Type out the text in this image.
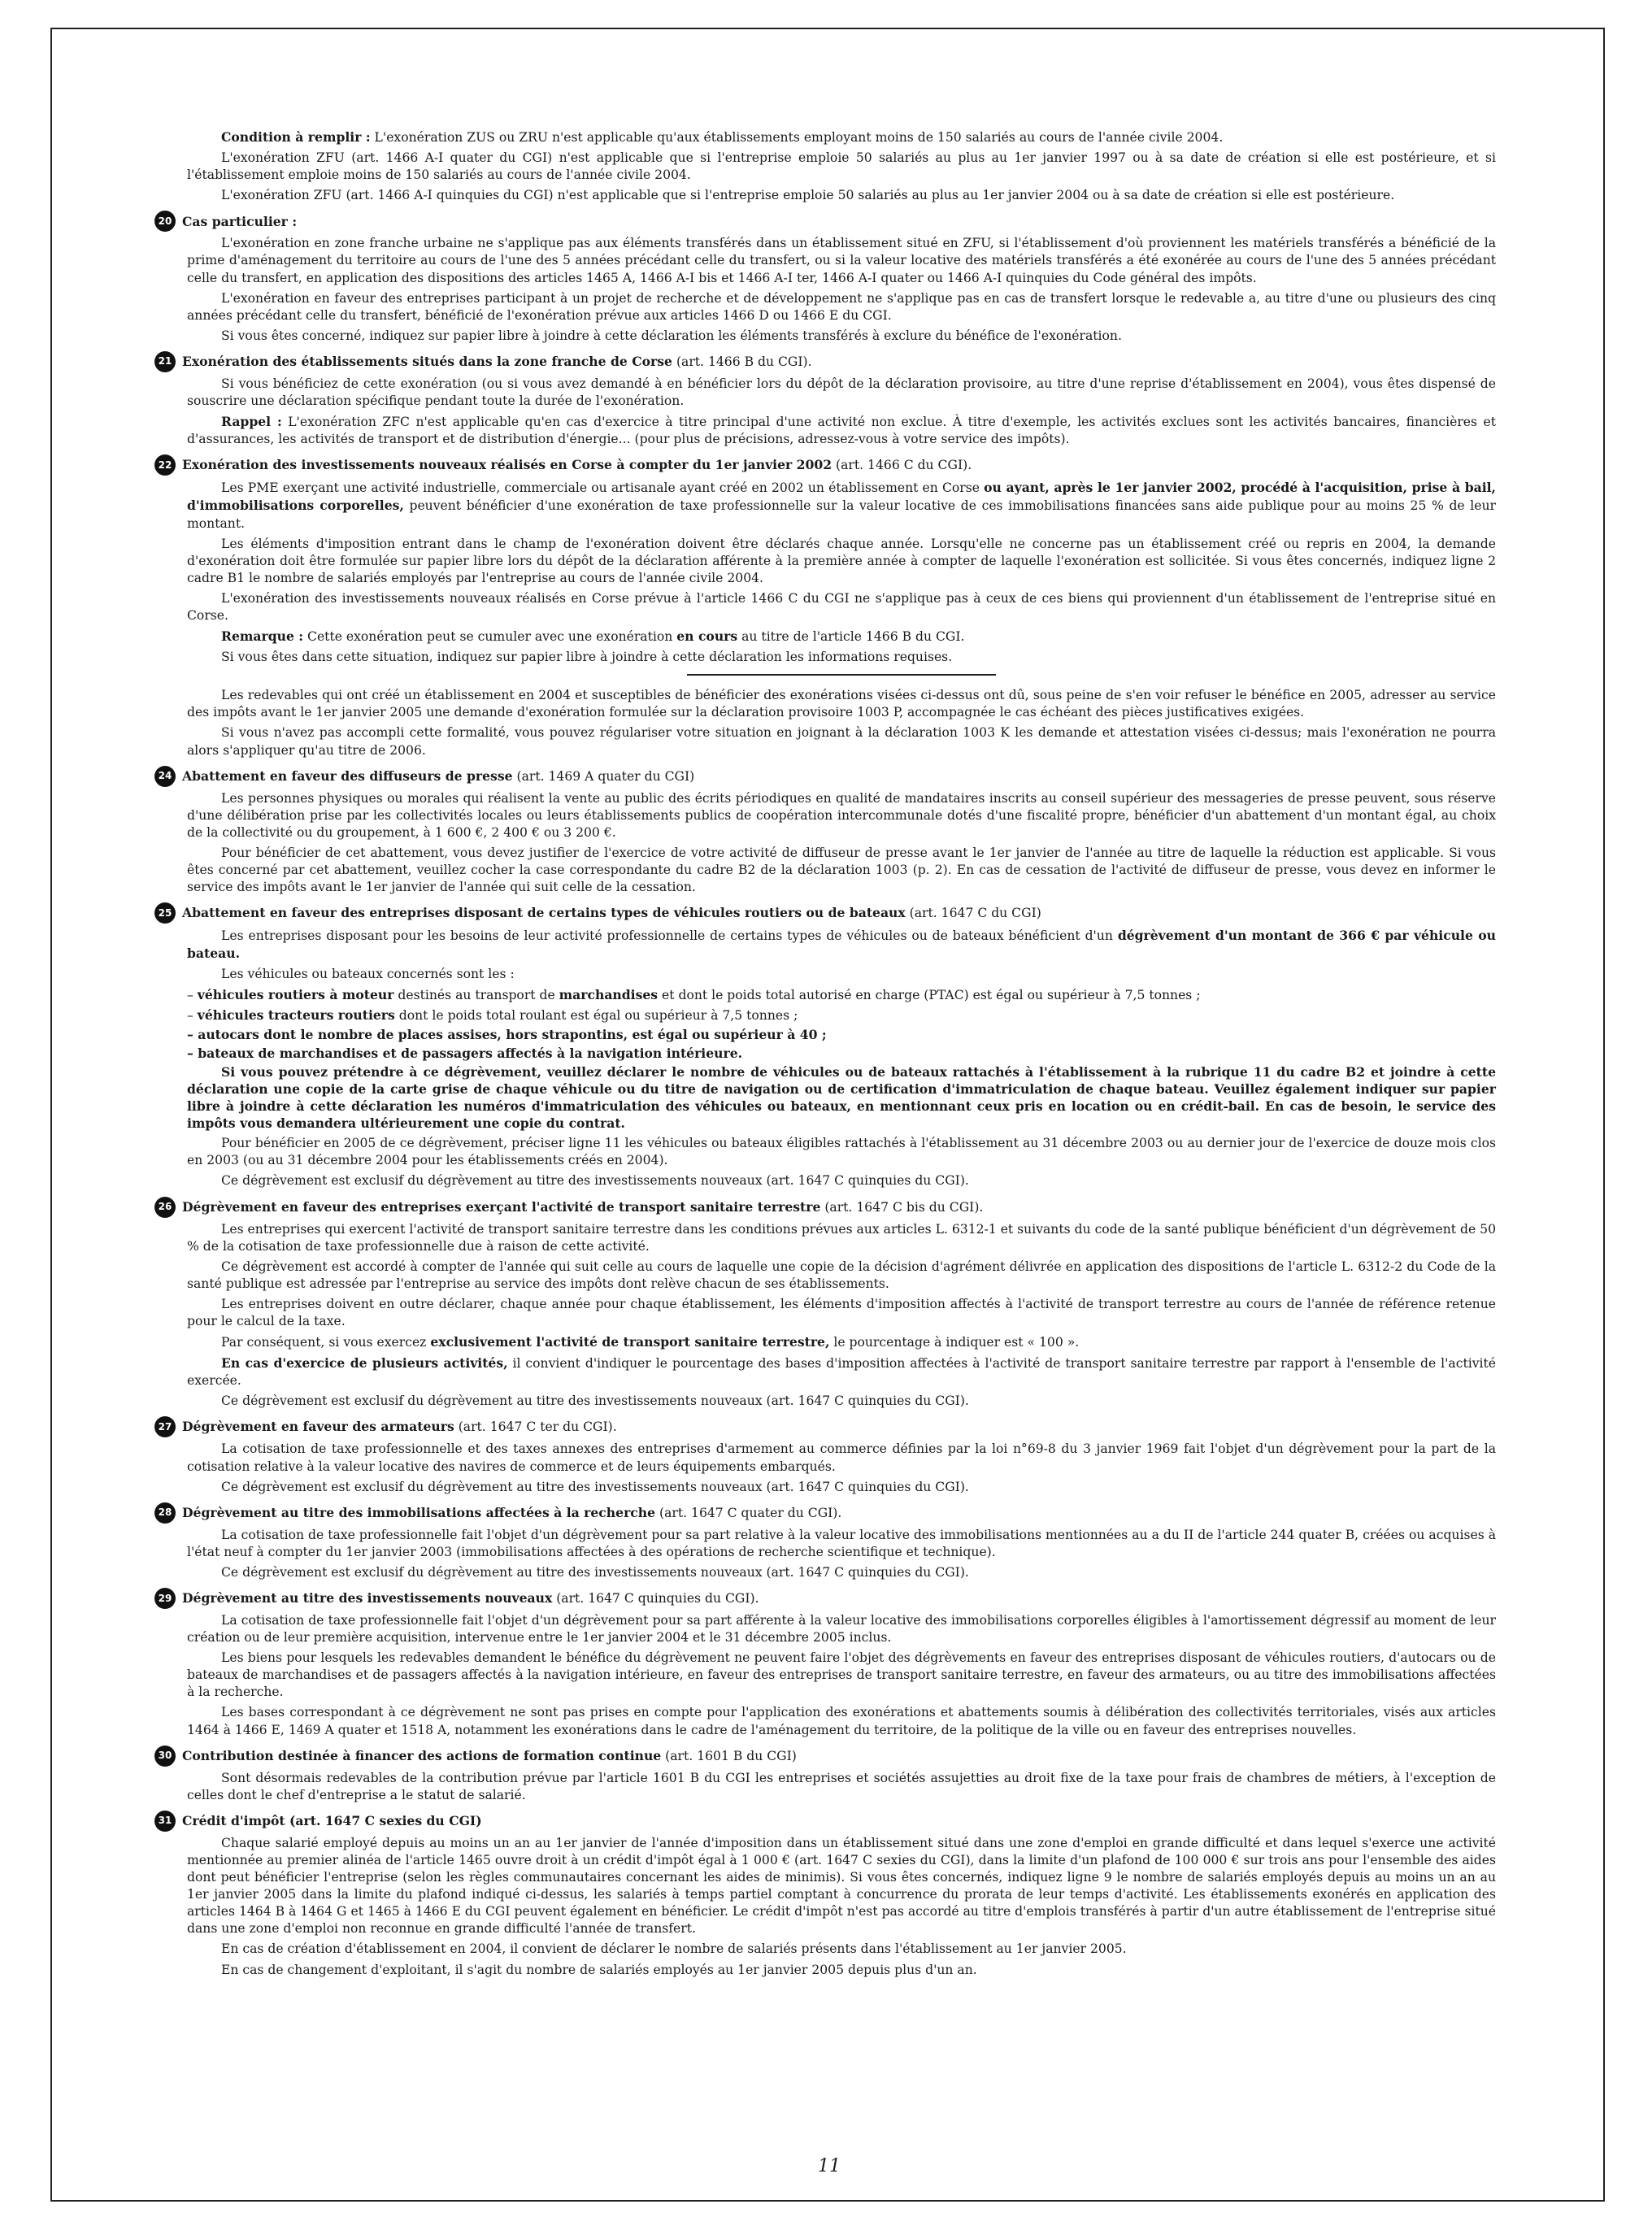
Condition à remplir : L'exonération ZUS ou ZRU n'est applicable qu'aux établissements employant moins de 150 salariés au cours de l'année civile 2004.

L'exonération ZFU (art. 1466 A-I quater du CGI) n'est applicable que si l'entreprise emploie 50 salariés au plus au 1er janvier 1997 ou à sa date de création si elle est postérieure, et si l'établissement emploie moins de 150 salariés au cours de l'année civile 2004.

L'exonération ZFU (art. 1466 A-I quinquies du CGI) n'est applicable que si l'entreprise emploie 50 salariés au plus au 1er janvier 2004 ou à sa date de création si elle est postérieure.

20 Cas particulier :

L'exonération en zone franche urbaine ne s'applique pas aux éléments transférés dans un établissement situé en ZFU, si l'établissement d'où proviennent les matériels transférés a bénéficié de la prime d'aménagement du territoire au cours de l'une des 5 années précédant celle du transfert, ou si la valeur locative des matériels transférés a été exonérée au cours de l'une des 5 années précédant celle du transfert, en application des dispositions des articles 1465 A, 1466 A-I bis et 1466 A-I ter, 1466 A-I quater ou 1466 A-I quinquies du Code général des impôts.

L'exonération en faveur des entreprises participant à un projet de recherche et de développement ne s'applique pas en cas de transfert lorsque le redevable a, au titre d'une ou plusieurs des cinq années précédant celle du transfert, bénéficié de l'exonération prévue aux articles 1466 D ou 1466 E du CGI.

Si vous êtes concerné, indiquez sur papier libre à joindre à cette déclaration les éléments transférés à exclure du bénéfice de l'exonération.

21 Exonération des établissements situés dans la zone franche de Corse (art. 1466 B du CGI).

Si vous bénéficiez de cette exonération (ou si vous avez demandé à en bénéficier lors du dépôt de la déclaration provisoire, au titre d'une reprise d'établissement en 2004), vous êtes dispensé de souscrire une déclaration spécifique pendant toute la durée de l'exonération.

Rappel : L'exonération ZFC n'est applicable qu'en cas d'exercice à titre principal d'une activité non exclue. À titre d'exemple, les activités exclues sont les activités bancaires, financières et d'assurances, les activités de transport et de distribution d'énergie... (pour plus de précisions, adressez-vous à votre service des impôts).

22 Exonération des investissements nouveaux réalisés en Corse à compter du 1er janvier 2002 (art. 1466 C du CGI).

Les PME exerçant une activité industrielle, commerciale ou artisanale ayant créé en 2002 un établissement en Corse ou ayant, après le 1er janvier 2002, procédé à l'acquisition, prise à bail, d'immobilisations corporelles, peuvent bénéficier d'une exonération de taxe professionnelle sur la valeur locative de ces immobilisations financées sans aide publique pour au moins 25 % de leur montant.

Les éléments d'imposition entrant dans le champ de l'exonération doivent être déclarés chaque année. Lorsqu'elle ne concerne pas un établissement créé ou repris en 2004, la demande d'exonération doit être formulée sur papier libre lors du dépôt de la déclaration afférente à la première année à compter de laquelle l'exonération est sollicitée. Si vous êtes concernés, indiquez ligne 2 cadre B1 le nombre de salariés employés par l'entreprise au cours de l'année civile 2004.

L'exonération des investissements nouveaux réalisés en Corse prévue à l'article 1466 C du CGI ne s'applique pas à ceux de ces biens qui proviennent d'un établissement de l'entreprise situé en Corse.

Remarque : Cette exonération peut se cumuler avec une exonération en cours au titre de l'article 1466 B du CGI.

Si vous êtes dans cette situation, indiquez sur papier libre à joindre à cette déclaration les informations requises.

Les redevables qui ont créé un établissement en 2004 et susceptibles de bénéficier des exonérations visées ci-dessus ont dû, sous peine de s'en voir refuser le bénéfice en 2005, adresser au service des impôts avant le 1er janvier 2005 une demande d'exonération formulée sur la déclaration provisoire 1003 P, accompagnée le cas échéant des pièces justificatives exigées.

Si vous n'avez pas accompli cette formalité, vous pouvez régulariser votre situation en joignant à la déclaration 1003 K les demande et attestation visées ci-dessus; mais l'exonération ne pourra alors s'appliquer qu'au titre de 2006.

24 Abattement en faveur des diffuseurs de presse (art. 1469 A quater du CGI)

Les personnes physiques ou morales qui réalisent la vente au public des écrits périodiques en qualité de mandataires inscrits au conseil supérieur des messageries de presse peuvent, sous réserve d'une délibération prise par les collectivités locales ou leurs établissements publics de coopération intercommunale dotés d'une fiscalité propre, bénéficier d'un abattement d'un montant égal, au choix de la collectivité ou du groupement, à 1 600 €, 2 400 € ou 3 200 €.

Pour bénéficier de cet abattement, vous devez justifier de l'exercice de votre activité de diffuseur de presse avant le 1er janvier de l'année au titre de laquelle la réduction est applicable. Si vous êtes concerné par cet abattement, veuillez cocher la case correspondante du cadre B2 de la déclaration 1003 (p. 2). En cas de cessation de l'activité de diffuseur de presse, vous devez en informer le service des impôts avant le 1er janvier de l'année qui suit celle de la cessation.

25 Abattement en faveur des entreprises disposant de certains types de véhicules routiers ou de bateaux (art. 1647 C du CGI)

Les entreprises disposant pour les besoins de leur activité professionnelle de certains types de véhicules ou de bateaux bénéficient d'un dégrèvement d'un montant de 366 € par véhicule ou bateau.

Les véhicules ou bateaux concernés sont les :

– véhicules routiers à moteur destinés au transport de marchandises et dont le poids total autorisé en charge (PTAC) est égal ou supérieur à 7,5 tonnes ;
– véhicules tracteurs routiers dont le poids total roulant est égal ou supérieur à 7,5 tonnes ;
– autocars dont le nombre de places assises, hors strapontins, est égal ou supérieur à 40 ;
– bateaux de marchandises et de passagers affectés à la navigation intérieure.

Si vous pouvez prétendre à ce dégrèvement, veuillez déclarer le nombre de véhicules ou de bateaux rattachés à l'établissement à la rubrique 11 du cadre B2 et joindre à cette déclaration une copie de la carte grise de chaque véhicule ou du titre de navigation ou de certification d'immatriculation de chaque bateau. Veuillez également indiquer sur papier libre à joindre à cette déclaration les numéros d'immatriculation des véhicules ou bateaux, en mentionnant ceux pris en location ou en crédit-bail. En cas de besoin, le service des impôts vous demandera ultérieurement une copie du contrat.

Pour bénéficier en 2005 de ce dégrèvement, préciser ligne 11 les véhicules ou bateaux éligibles rattachés à l'établissement au 31 décembre 2003 ou au dernier jour de l'exercice de douze mois clos en 2003 (ou au 31 décembre 2004 pour les établissements créés en 2004).

Ce dégrèvement est exclusif du dégrèvement au titre des investissements nouveaux (art. 1647 C quinquies du CGI).

26 Dégrèvement en faveur des entreprises exerçant l'activité de transport sanitaire terrestre (art. 1647 C bis du CGI).

Les entreprises qui exercent l'activité de transport sanitaire terrestre dans les conditions prévues aux articles L. 6312-1 et suivants du code de la santé publique bénéficient d'un dégrèvement de 50 % de la cotisation de taxe professionnelle due à raison de cette activité.

Ce dégrèvement est accordé à compter de l'année qui suit celle au cours de laquelle une copie de la décision d'agrément délivrée en application des dispositions de l'article L. 6312-2 du Code de la santé publique est adressée par l'entreprise au service des impôts dont relève chacun de ses établissements.

Les entreprises doivent en outre déclarer, chaque année pour chaque établissement, les éléments d'imposition affectés à l'activité de transport terrestre au cours de l'année de référence retenue pour le calcul de la taxe.

Par conséquent, si vous exercez exclusivement l'activité de transport sanitaire terrestre, le pourcentage à indiquer est « 100 ».

En cas d'exercice de plusieurs activités, il convient d'indiquer le pourcentage des bases d'imposition affectées à l'activité de transport sanitaire terrestre par rapport à l'ensemble de l'activité exercée.

Ce dégrèvement est exclusif du dégrèvement au titre des investissements nouveaux (art. 1647 C quinquies du CGI).

27 Dégrèvement en faveur des armateurs (art. 1647 C ter du CGI).

La cotisation de taxe professionnelle et des taxes annexes des entreprises d'armement au commerce définies par la loi n°69-8 du 3 janvier 1969 fait l'objet d'un dégrèvement pour la part de la cotisation relative à la valeur locative des navires de commerce et de leurs équipements embarqués.

Ce dégrèvement est exclusif du dégrèvement au titre des investissements nouveaux (art. 1647 C quinquies du CGI).

28 Dégrèvement au titre des immobilisations affectées à la recherche (art. 1647 C quater du CGI).

La cotisation de taxe professionnelle fait l'objet d'un dégrèvement pour sa part relative à la valeur locative des immobilisations mentionnées au a du II de l'article 244 quater B, créées ou acquises à l'état neuf à compter du 1er janvier 2003 (immobilisations affectées à des opérations de recherche scientifique et technique).

Ce dégrèvement est exclusif du dégrèvement au titre des investissements nouveaux (art. 1647 C quinquies du CGI).

29 Dégrèvement au titre des investissements nouveaux (art. 1647 C quinquies du CGI).

La cotisation de taxe professionnelle fait l'objet d'un dégrèvement pour sa part afférente à la valeur locative des immobilisations corporelles éligibles à l'amortissement dégressif au moment de leur création ou de leur première acquisition, intervenue entre le 1er janvier 2004 et le 31 décembre 2005 inclus.

Les biens pour lesquels les redevables demandent le bénéfice du dégrèvement ne peuvent faire l'objet des dégrèvements en faveur des entreprises disposant de véhicules routiers, d'autocars ou de bateaux de marchandises et de passagers affectés à la navigation intérieure, en faveur des entreprises de transport sanitaire terrestre, en faveur des armateurs, ou au titre des immobilisations affectées à la recherche.

Les bases correspondant à ce dégrèvement ne sont pas prises en compte pour l'application des exonérations et abattements soumis à délibération des collectivités territoriales, visés aux articles 1464 à 1466 E, 1469 A quater et 1518 A, notamment les exonérations dans le cadre de l'aménagement du territoire, de la politique de la ville ou en faveur des entreprises nouvelles.

30 Contribution destinée à financer des actions de formation continue (art. 1601 B du CGI)

Sont désormais redevables de la contribution prévue par l'article 1601 B du CGI les entreprises et sociétés assujetties au droit fixe de la taxe pour frais de chambres de métiers, à l'exception de celles dont le chef d'entreprise a le statut de salarié.

31 Crédit d'impôt (art. 1647 C sexies du CGI)

Chaque salarié employé depuis au moins un an au 1er janvier de l'année d'imposition dans un établissement situé dans une zone d'emploi en grande difficulté et dans lequel s'exerce une activité mentionnée au premier alinéa de l'article 1465 ouvre droit à un crédit d'impôt égal à 1 000 € (art. 1647 C sexies du CGI), dans la limite d'un plafond de 100 000 € sur trois ans pour l'ensemble des aides dont peut bénéficier l'entreprise (selon les règles communautaires concernant les aides de minimis). Si vous êtes concernés, indiquez ligne 9 le nombre de salariés employés depuis au moins un an au 1er janvier 2005 dans la limite du plafond indiqué ci-dessus, les salariés à temps partiel comptant à concurrence du prorata de leur temps d'activité. Les établissements exonérés en application des articles 1464 B à 1464 G et 1465 à 1466 E du CGI peuvent également en bénéficier. Le crédit d'impôt n'est pas accordé au titre d'emplois transférés à partir d'un autre établissement de l'entreprise situé dans une zone d'emploi non reconnue en grande difficulté l'année de transfert.

En cas de création d'établissement en 2004, il convient de déclarer le nombre de salariés présents dans l'établissement au 1er janvier 2005.

En cas de changement d'exploitant, il s'agit du nombre de salariés employés au 1er janvier 2005 depuis plus d'un an.

11
